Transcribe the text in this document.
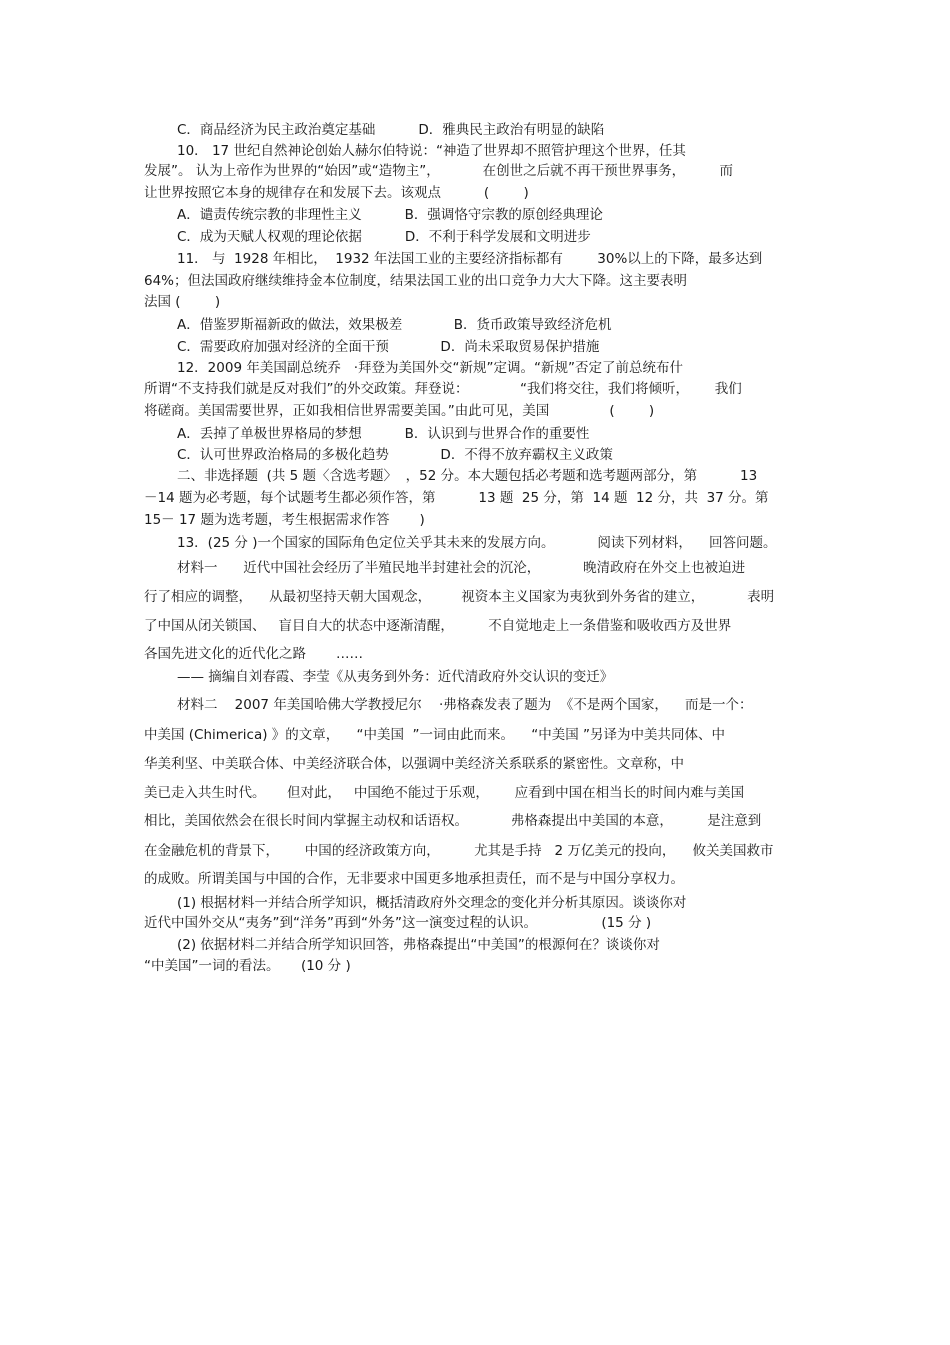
C．商品经济为民主政治奠定基础          D．雅典民主政治有明显的缺陷
10． 17 世纪自然神论创始人赫尔伯特说：“神造了世界却不照管护理这个世界，任其
发展”。 认为上帝作为世界的“始因”或“造物主”，          在创世之后就不再干预世界事务，        而
让世界按照它本身的规律存在和发展下去。该观点          (        )
A．谴责传统宗教的非理性主义          B．强调恪守宗教的原创经典理论
C．成为天赋人权观的理论依据          D．不利于科学发展和文明进步
11． 与  1928 年相比，  1932 年法国工业的主要经济指标都有        30%以上的下降，最多达到
64%；但法国政府继续维持金本位制度，结果法国工业的出口竞争力大大下降。这主要表明
法国 (        )
A．借鉴罗斯福新政的做法，效果极差            B．货币政策导致经济危机
C．需要政府加强对经济的全面干预            D．尚未采取贸易保护措施
12．2009 年美国副总统乔   ·拜登为美国外交“新规”定调。“新规”否定了前总统布什
所谓“不支持我们就是反对我们”的外交政策。拜登说：            “我们将交往，我们将倾听，      我们
将磋商。美国需要世界，正如我相信世界需要美国。”由此可见，美国              (        )
A．丢掉了单极世界格局的梦想          B．认识到与世界合作的重要性
C．认可世界政治格局的多极化趋势            D．不得不放弃霸权主义政策
二、非选择题  (共 5 题〈含选考题〉  ，52 分。本大题包括必考题和选考题两部分，第          13
－14 题为必考题，每个试题考生都必须作答，第          13 题  25 分，第  14 题  12 分，共  37 分。第
15－ 17 题为选考题，考生根据需求作答       )
13．(25 分 )一个国家的国际角色定位关乎其未来的发展方向。          阅读下列材料，    回答问题。
材料一      近代中国社会经历了半殖民地半封建社会的沉沦，          晚清政府在外交上也被迫进
行了相应的调整，    从最初坚持天朝大国观念，       视资本主义国家为夷狄到外务省的建立，          表明
了中国从闭关锁国、   盲目自大的状态中逐渐清醒，        不自觉地走上一条借鉴和吸收西方及世界
各国先进文化的近代化之路       ……
—— 摘编自刘春霞、李莹《从夷务到外务：近代清政府外交认识的变迁》
材料二    2007 年美国哈佛大学教授尼尔    ·弗格森发表了题为  《不是两个国家，    而是一个：
中美国 (Chimerica) 》的文章，    “中美国  ”一词由此而来。    “中美国 ”另译为中美共同体、中
华美利坚、中美联合体、中美经济联合体，以强调中美经济关系联系的紧密性。文章称，中
美已走入共生时代。     但对此，   中国绝不能过于乐观，      应看到中国在相当长的时间内难与美国
相比，美国依然会在很长时间内掌握主动权和话语权。          弗格森提出中美国的本意，        是注意到
在金融危机的背景下，      中国的经济政策方向，        尤其是手持   2 万亿美元的投向，    攸关美国救市
的成败。所谓美国与中国的合作，无非要求中国更多地承担责任，而不是与中国分享权力。
(1) 根据材料一并结合所学知识，概括清政府外交理念的变化并分析其原因。谈谈你对
近代中国外交从“夷务”到“洋务”再到“外务”这一演变过程的认识。               (15 分 )
(2) 依据材料二并结合所学知识回答，弗格森提出“中美国”的根源何在？谈谈你对
“中美国”一词的看法。     (10 分 )
